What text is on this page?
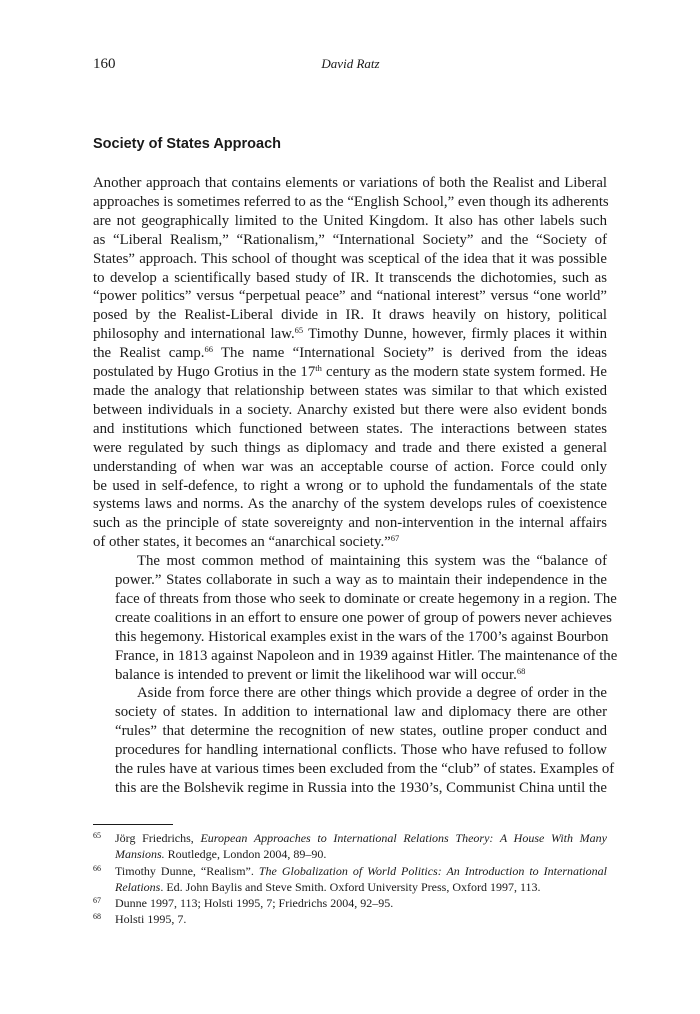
160	David Ratz
Society of States Approach

Another approach that contains elements or variations of both the Realist and Liberal
approaches is sometimes referred to as the “English School,” even though its adherents
are not geographically limited to the United Kingdom. It also has other labels such
as “Liberal Realism,” “Rationalism,” “International Society” and the “Society of
States” approach. This school of thought was sceptical of the idea that it was possible
to develop a scientifically based study of IR. It transcends the dichotomies, such as
“power politics” versus “perpetual peace” and “national interest” versus “one world”
posed by the Realist-Liberal divide in IR. It draws heavily on history, political
philosophy and international law.$^{65}$ Timothy Dunne, however, firmly places it within
the Realist camp.$^{66}$ The name “International Society” is derived from the ideas
postulated by Hugo Grotius in the 17th century as the modern state system formed. He
made the analogy that relationship between states was similar to that which existed
between individuals in a society. Anarchy existed but there were also evident bonds
and institutions which functioned between states. The interactions between states
were regulated by such things as diplomacy and trade and there existed a general
understanding of when war was an acceptable course of action. Force could only
be used in self-defence, to right a wrong or to uphold the fundamentals of the state
systems laws and norms. As the anarchy of the system develops rules of coexistence
such as the principle of state sovereignty and non-intervention in the internal affairs
of other states, it becomes an “anarchical society.”$^{67}$

The most common method of maintaining this system was the “balance of
power.” States collaborate in such a way as to maintain their independence in the
face of threats from those who seek to dominate or create hegemony in a region. The
create coalitions in an effort to ensure one power of group of powers never achieves
this hegemony. Historical examples exist in the wars of the 1700’s against Bourbon
France, in 1813 against Napoleon and in 1939 against Hitler. The maintenance of the
balance is intended to prevent or limit the likelihood war will occur.$^{68}$

Aside from force there are other things which provide a degree of order in the
society of states. In addition to international law and diplomacy there are other
“rules” that determine the recognition of new states, outline proper conduct and
procedures for handling international conflicts. Those who have refused to follow
the rules have at various times been excluded from the “club” of states. Examples of
this are the Bolshevik regime in Russia into the 1930’s, Communist China until the

65 Jörg Friedrichs, European Approaches to International Relations Theory: A House With Many Mansions. Routledge, London 2004, 89–90.
66 Timothy Dunne, “Realism”. The Globalization of World Politics: An Introduction to International Relations. Ed. John Baylis and Steve Smith. Oxford University Press, Oxford 1997, 113.
67 Dunne 1997, 113; Holsti 1995, 7; Friedrichs 2004, 92–95.
68 Holsti 1995, 7.
